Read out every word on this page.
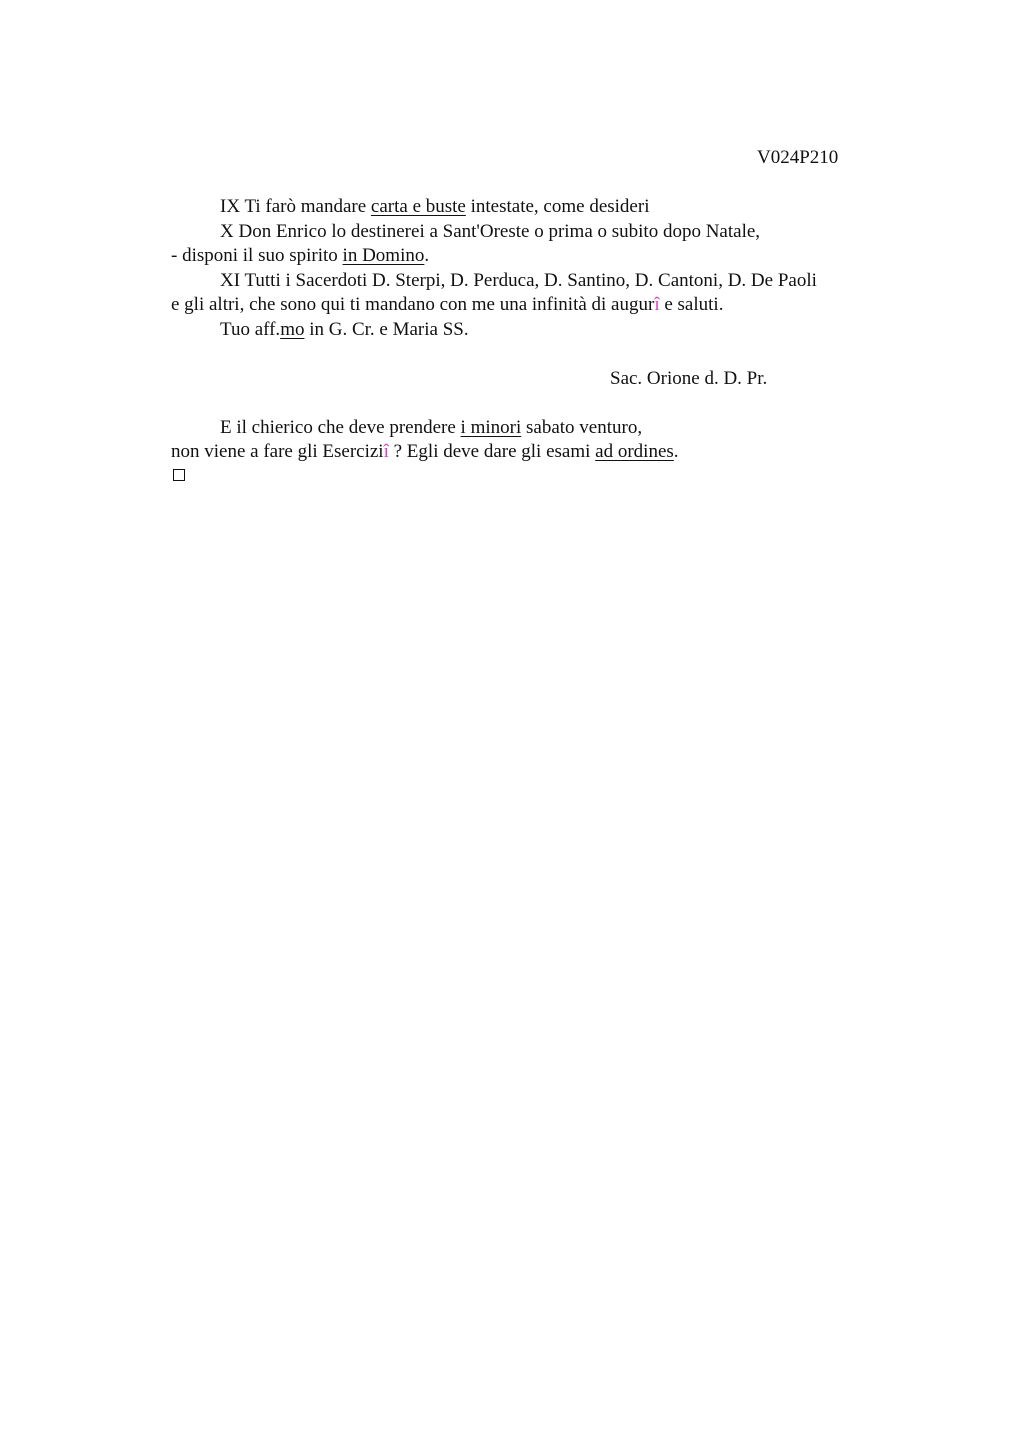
V024P210
IX Ti farò mandare carta e buste intestate, come desideri
X Don Enrico lo destinerei a Sant'Oreste o prima o subito dopo Natale,
- disponi il suo spirito in Domino.
XI Tutti i Sacerdoti D. Sterpi, D. Perduca, D. Santino, D. Cantoni, D. De Paoli
e gli altri, che sono qui ti mandano con me una infinità di augurî e saluti.
Tuo aff.mo in G. Cr. e Maria SS.
Sac. Orione d. D. Pr.
E il chierico che deve prendere i minori sabato venturo,
non viene a fare gli Eserciziî ? Egli deve dare gli esami ad ordines.
